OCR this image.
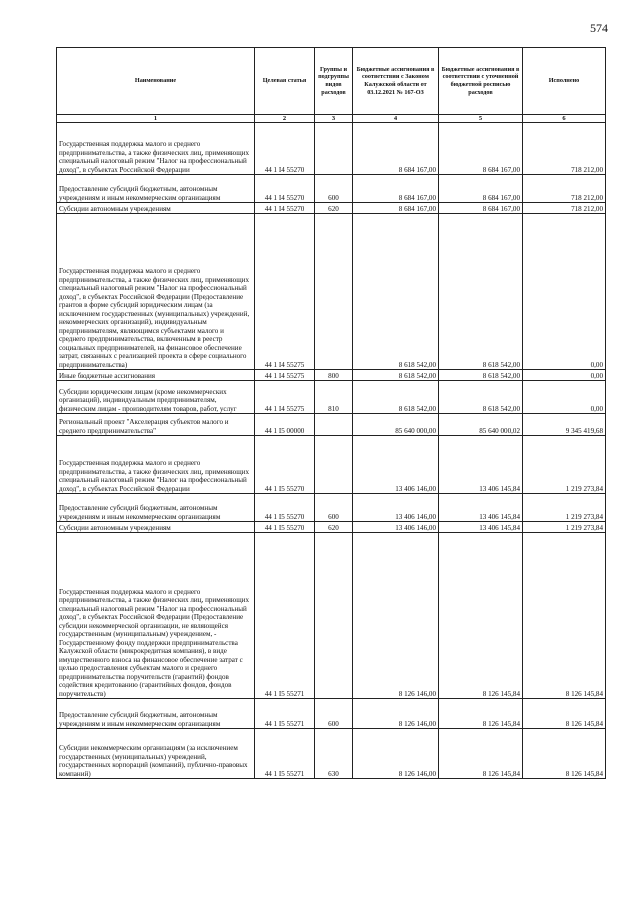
574
Наименование	Целевая статья	Группы и подгруппы видов расходов	Бюджетные ассигнования в соответствии с Законом Калужской области от 03.12.2021 № 167-ОЗ	Бюджетные ассигнования в соответствии с уточненной бюджетной росписью расходов	Исполнено
1	2	3	4	5	6
Государственная поддержка малого и среднего предпринимательства, а также физических лиц, применяющих специальный налоговый режим "Налог на профессиональный доход", в субъектах Российской Федерации	44 1 I4 55270		8 684 167,00	8 684 167,00	718 212,00
Предоставление субсидий бюджетным, автономным учреждениям и иным некоммерческим организациям	44 1 I4 55270	600	8 684 167,00	8 684 167,00	718 212,00
Субсидии автономным учреждениям	44 1 I4 55270	620	8 684 167,00	8 684 167,00	718 212,00
Государственная поддержка малого и среднего предпринимательства, а также физических лиц, применяющих специальный налоговый режим "Налог на профессиональный доход", в субъектах Российской Федерации (Предоставление грантов в форме субсидий юридическим лицам (за исключением государственных (муниципальных) учреждений, некоммерческих организаций), индивидуальным предпринимателям, являющимся субъектами малого и среднего предпринимательства, включенным в реестр социальных предпринимателей, на финансовое обеспечение затрат, связанных с реализацией проекта в сфере социального предпринимательства)	44 1 I4 55275		8 618 542,00	8 618 542,00	0,00
Иные бюджетные ассигнования	44 1 I4 55275	800	8 618 542,00	8 618 542,00	0,00
Субсидии юридическим лицам (кроме некоммерческих организаций), индивидуальным предпринимателям, физическим лицам - производителям товаров, работ, услуг	44 1 I4 55275	810	8 618 542,00	8 618 542,00	0,00
Региональный проект "Акселерация субъектов малого и среднего предпринимательства"	44 1 I5 00000		85 640 000,00	85 640 000,02	9 345 419,68
Государственная поддержка малого и среднего предпринимательства, а также физических лиц, применяющих специальный налоговый режим "Налог на профессиональный доход", в субъектах Российской Федерации	44 1 I5 55270		13 406 146,00	13 406 145,84	1 219 273,84
Предоставление субсидий бюджетным, автономным учреждениям и иным некоммерческим организациям	44 1 I5 55270	600	13 406 146,00	13 406 145,84	1 219 273,84
Субсидии автономным учреждениям	44 1 I5 55270	620	13 406 146,00	13 406 145,84	1 219 273,84
Государственная поддержка малого и среднего предпринимательства, а также физических лиц, применяющих специальный налоговый режим "Налог на профессиональный доход", в субъектах Российской Федерации (Предоставление субсидии некоммерческой организации, не являющейся государственным (муниципальным) учреждением, - Государственному фонду поддержки предпринимательства Калужской области (микрокредитная компания), в виде имущественного взноса на финансовое обеспечение затрат с целью предоставления субъектам малого и среднего предпринимательства поручительств (гарантий) фондов содействия кредитованию (гарантийных фондов, фондов поручительств)	44 1 I5 55271		8 126 146,00	8 126 145,84	8 126 145,84
Предоставление субсидий бюджетным, автономным учреждениям и иным некоммерческим организациям	44 1 I5 55271	600	8 126 146,00	8 126 145,84	8 126 145,84
Субсидии некоммерческим организациям (за исключением государственных (муниципальных) учреждений, государственных корпораций (компаний), публично-правовых компаний)	44 1 I5 55271	630	8 126 146,00	8 126 145,84	8 126 145,84
